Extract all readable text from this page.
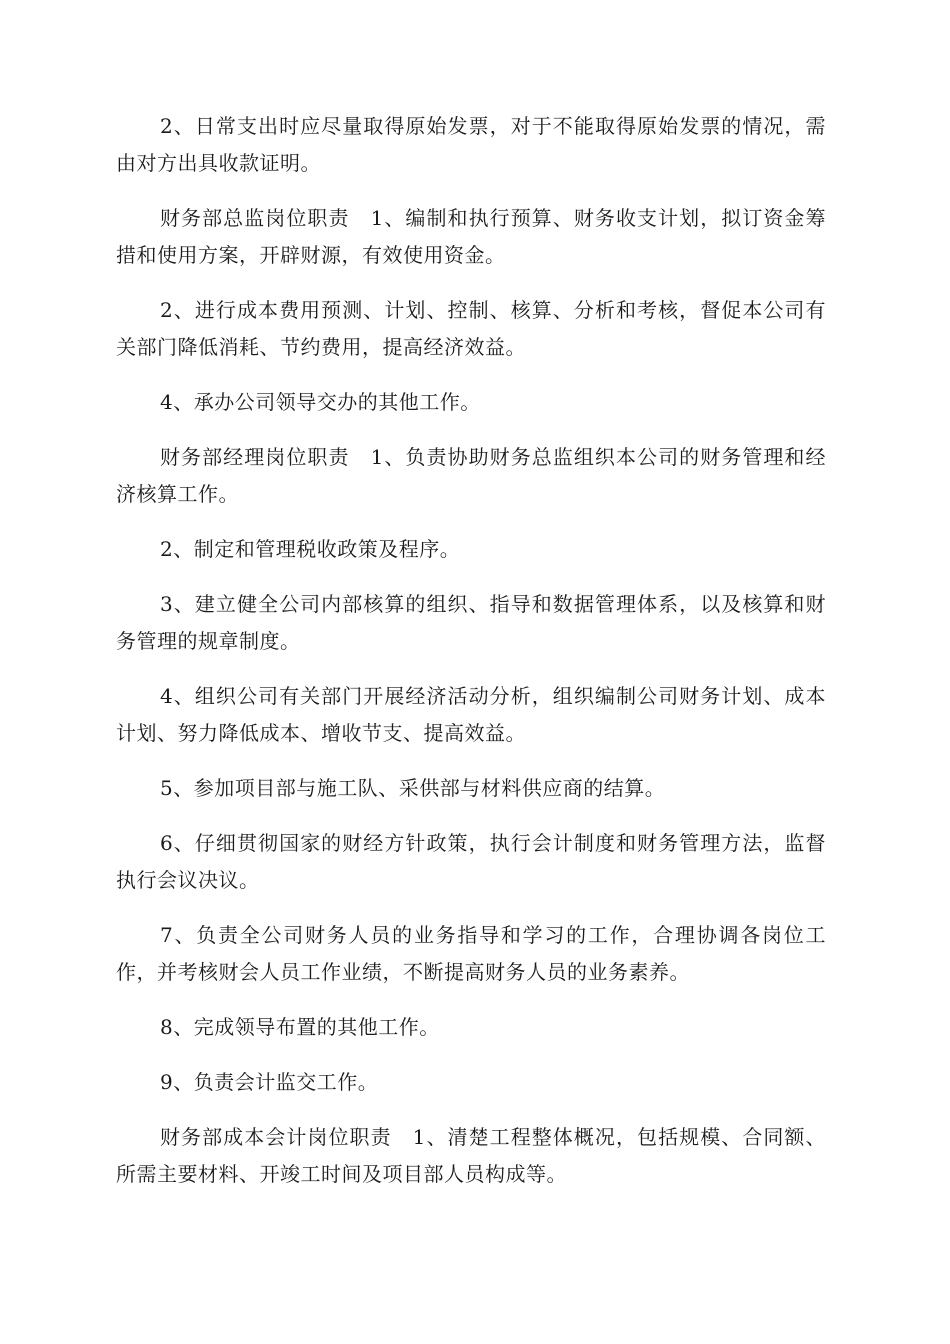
2、日常支出时应尽量取得原始发票，对于不能取得原始发票的情况，需由对方出具收款证明。

财务部总监岗位职责　1、编制和执行预算、财务收支计划，拟订资金筹措和使用方案，开辟财源，有效使用资金。

2、进行成本费用预测、计划、控制、核算、分析和考核，督促本公司有关部门降低消耗、节约费用，提高经济效益。

4、承办公司领导交办的其他工作。

财务部经理岗位职责　1、负责协助财务总监组织本公司的财务管理和经济核算工作。

2、制定和管理税收政策及程序。

3、建立健全公司内部核算的组织、指导和数据管理体系，以及核算和财务管理的规章制度。

4、组织公司有关部门开展经济活动分析，组织编制公司财务计划、成本计划、努力降低成本、增收节支、提高效益。

5、参加项目部与施工队、采供部与材料供应商的结算。

6、仔细贯彻国家的财经方针政策，执行会计制度和财务管理方法，监督执行会议决议。

7、负责全公司财务人员的业务指导和学习的工作，合理协调各岗位工作，并考核财会人员工作业绩，不断提高财务人员的业务素养。

8、完成领导布置的其他工作。

9、负责会计监交工作。

财务部成本会计岗位职责　1、清楚工程整体概况，包括规模、合同额、所需主要材料、开竣工时间及项目部人员构成等。
